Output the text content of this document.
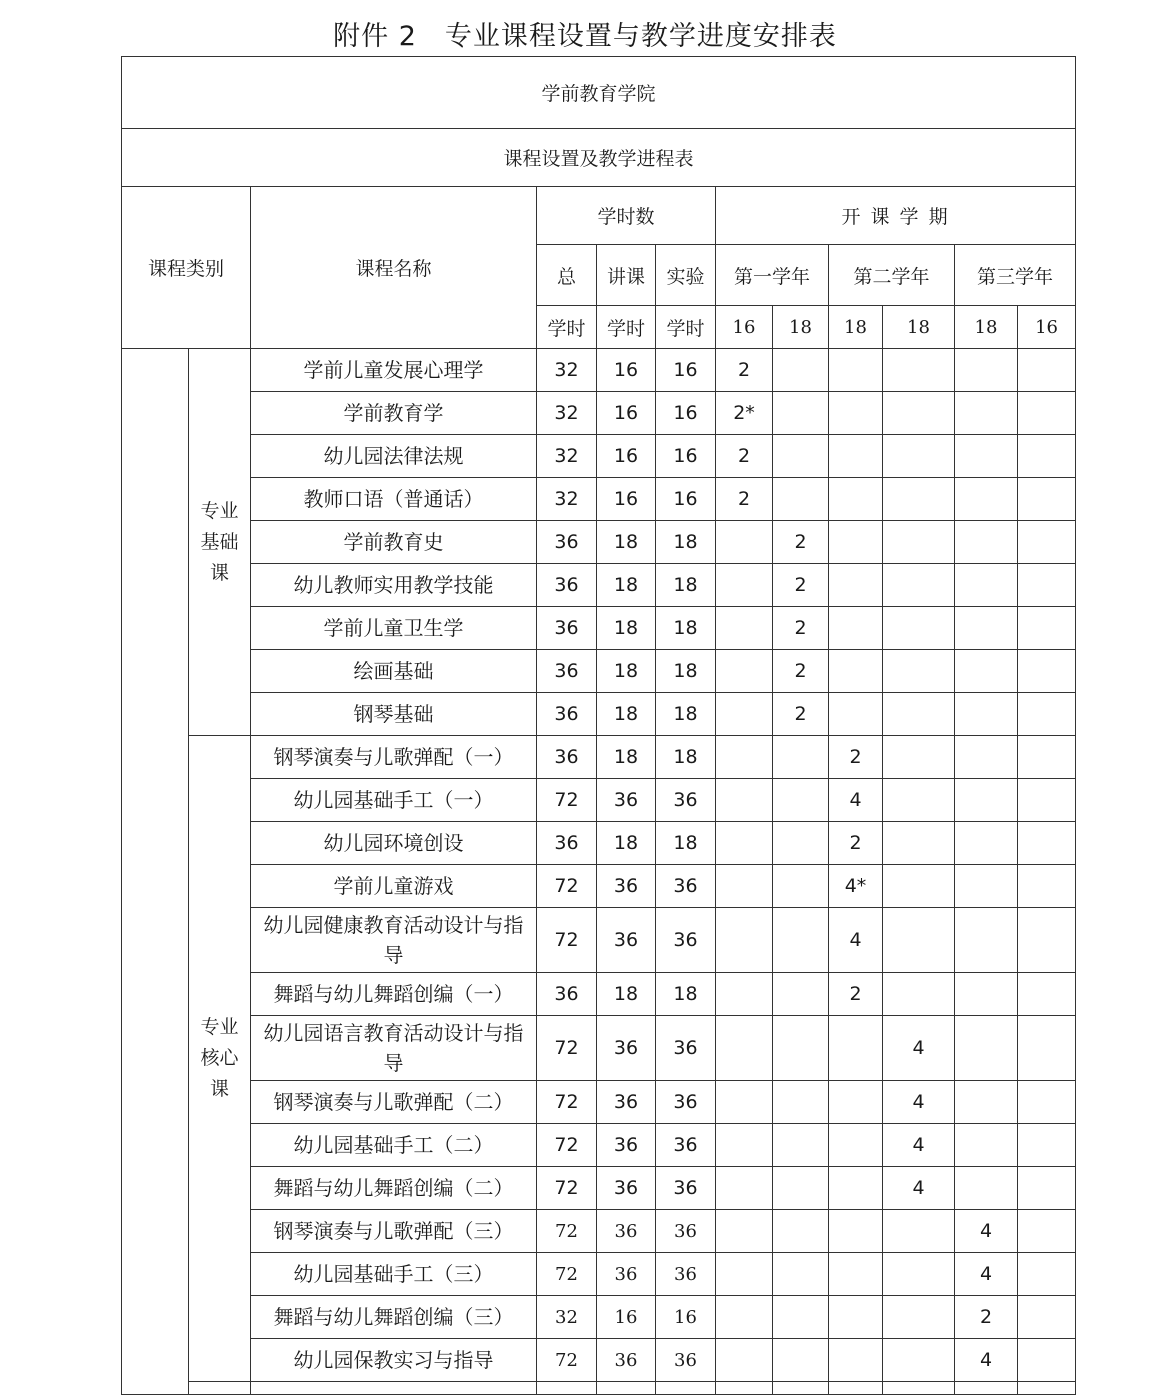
附件 2　专业课程设置与教学进度安排表
学前教育学院											
课程设置及教学进程表											
课程类别		课程名称	学时数			开 课 学 期					
			总	讲课	实验	第一学年		第二学年		第三学年	
			学时	学时	学时	16	18	18	18	18	16
	专业
基础
课	学前儿童发展心理学	32	16	16	2					
		学前教育学	32	16	16	2*					
		幼儿园法律法规	32	16	16	2					
		教师口语（普通话）	32	16	16	2					
		学前教育史	36	18	18		2				
		幼儿教师实用教学技能	36	18	18		2				
		学前儿童卫生学	36	18	18		2				
		绘画基础	36	18	18		2				
		钢琴基础	36	18	18		2				
	专业
核心
课	钢琴演奏与儿歌弹配（一）	36	18	18			2			
		幼儿园基础手工（一）	72	36	36			4			
		幼儿园环境创设	36	18	18			2			
		学前儿童游戏	72	36	36			4*			
		幼儿园健康教育活动设计与指导	72	36	36			4			
		舞蹈与幼儿舞蹈创编（一）	36	18	18			2			
		幼儿园语言教育活动设计与指导	72	36	36				4		
		钢琴演奏与儿歌弹配（二）	72	36	36				4		
		幼儿园基础手工（二）	72	36	36				4		
		舞蹈与幼儿舞蹈创编（二）	72	36	36				4		
		钢琴演奏与儿歌弹配（三）	72	36	36					4	
		幼儿园基础手工（三）	72	36	36					4	
		舞蹈与幼儿舞蹈创编（三）	32	16	16					2	
		幼儿园保教实习与指导	72	36	36					4	
